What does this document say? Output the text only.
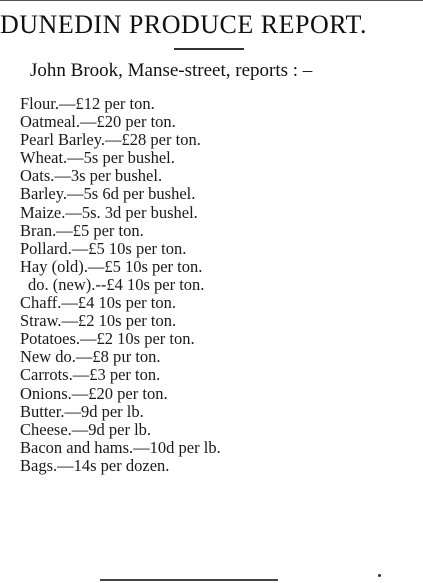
DUNEDIN PRODUCE REPORT.
John Brook, Manse-street, reports : –
Flour.—£12 per ton.
Oatmeal.—£20 per ton.
Pearl Barley.—£28 per ton.
Wheat.—5s per bushel.
Oats.—3s per bushel.
Barley.—5s 6d per bushel.
Maize.—5s. 3d per bushel.
Bran.—£5 per ton.
Pollard.—£5 10s per ton.
Hay (old).—£5 10s per ton.
do. (new).--£4 10s per ton.
Chaff.—£4 10s per ton.
Straw.—£2 10s per ton.
Potatoes.—£2 10s per ton.
New do.—£8 pɩr ton.
Carrots.—£3 per ton.
Onions.—£20 per ton.
Butter.—9d per lb.
Cheese.—9d per lb.
Bacon and hams.—10d per lb.
Bags.—14s per dozen.
